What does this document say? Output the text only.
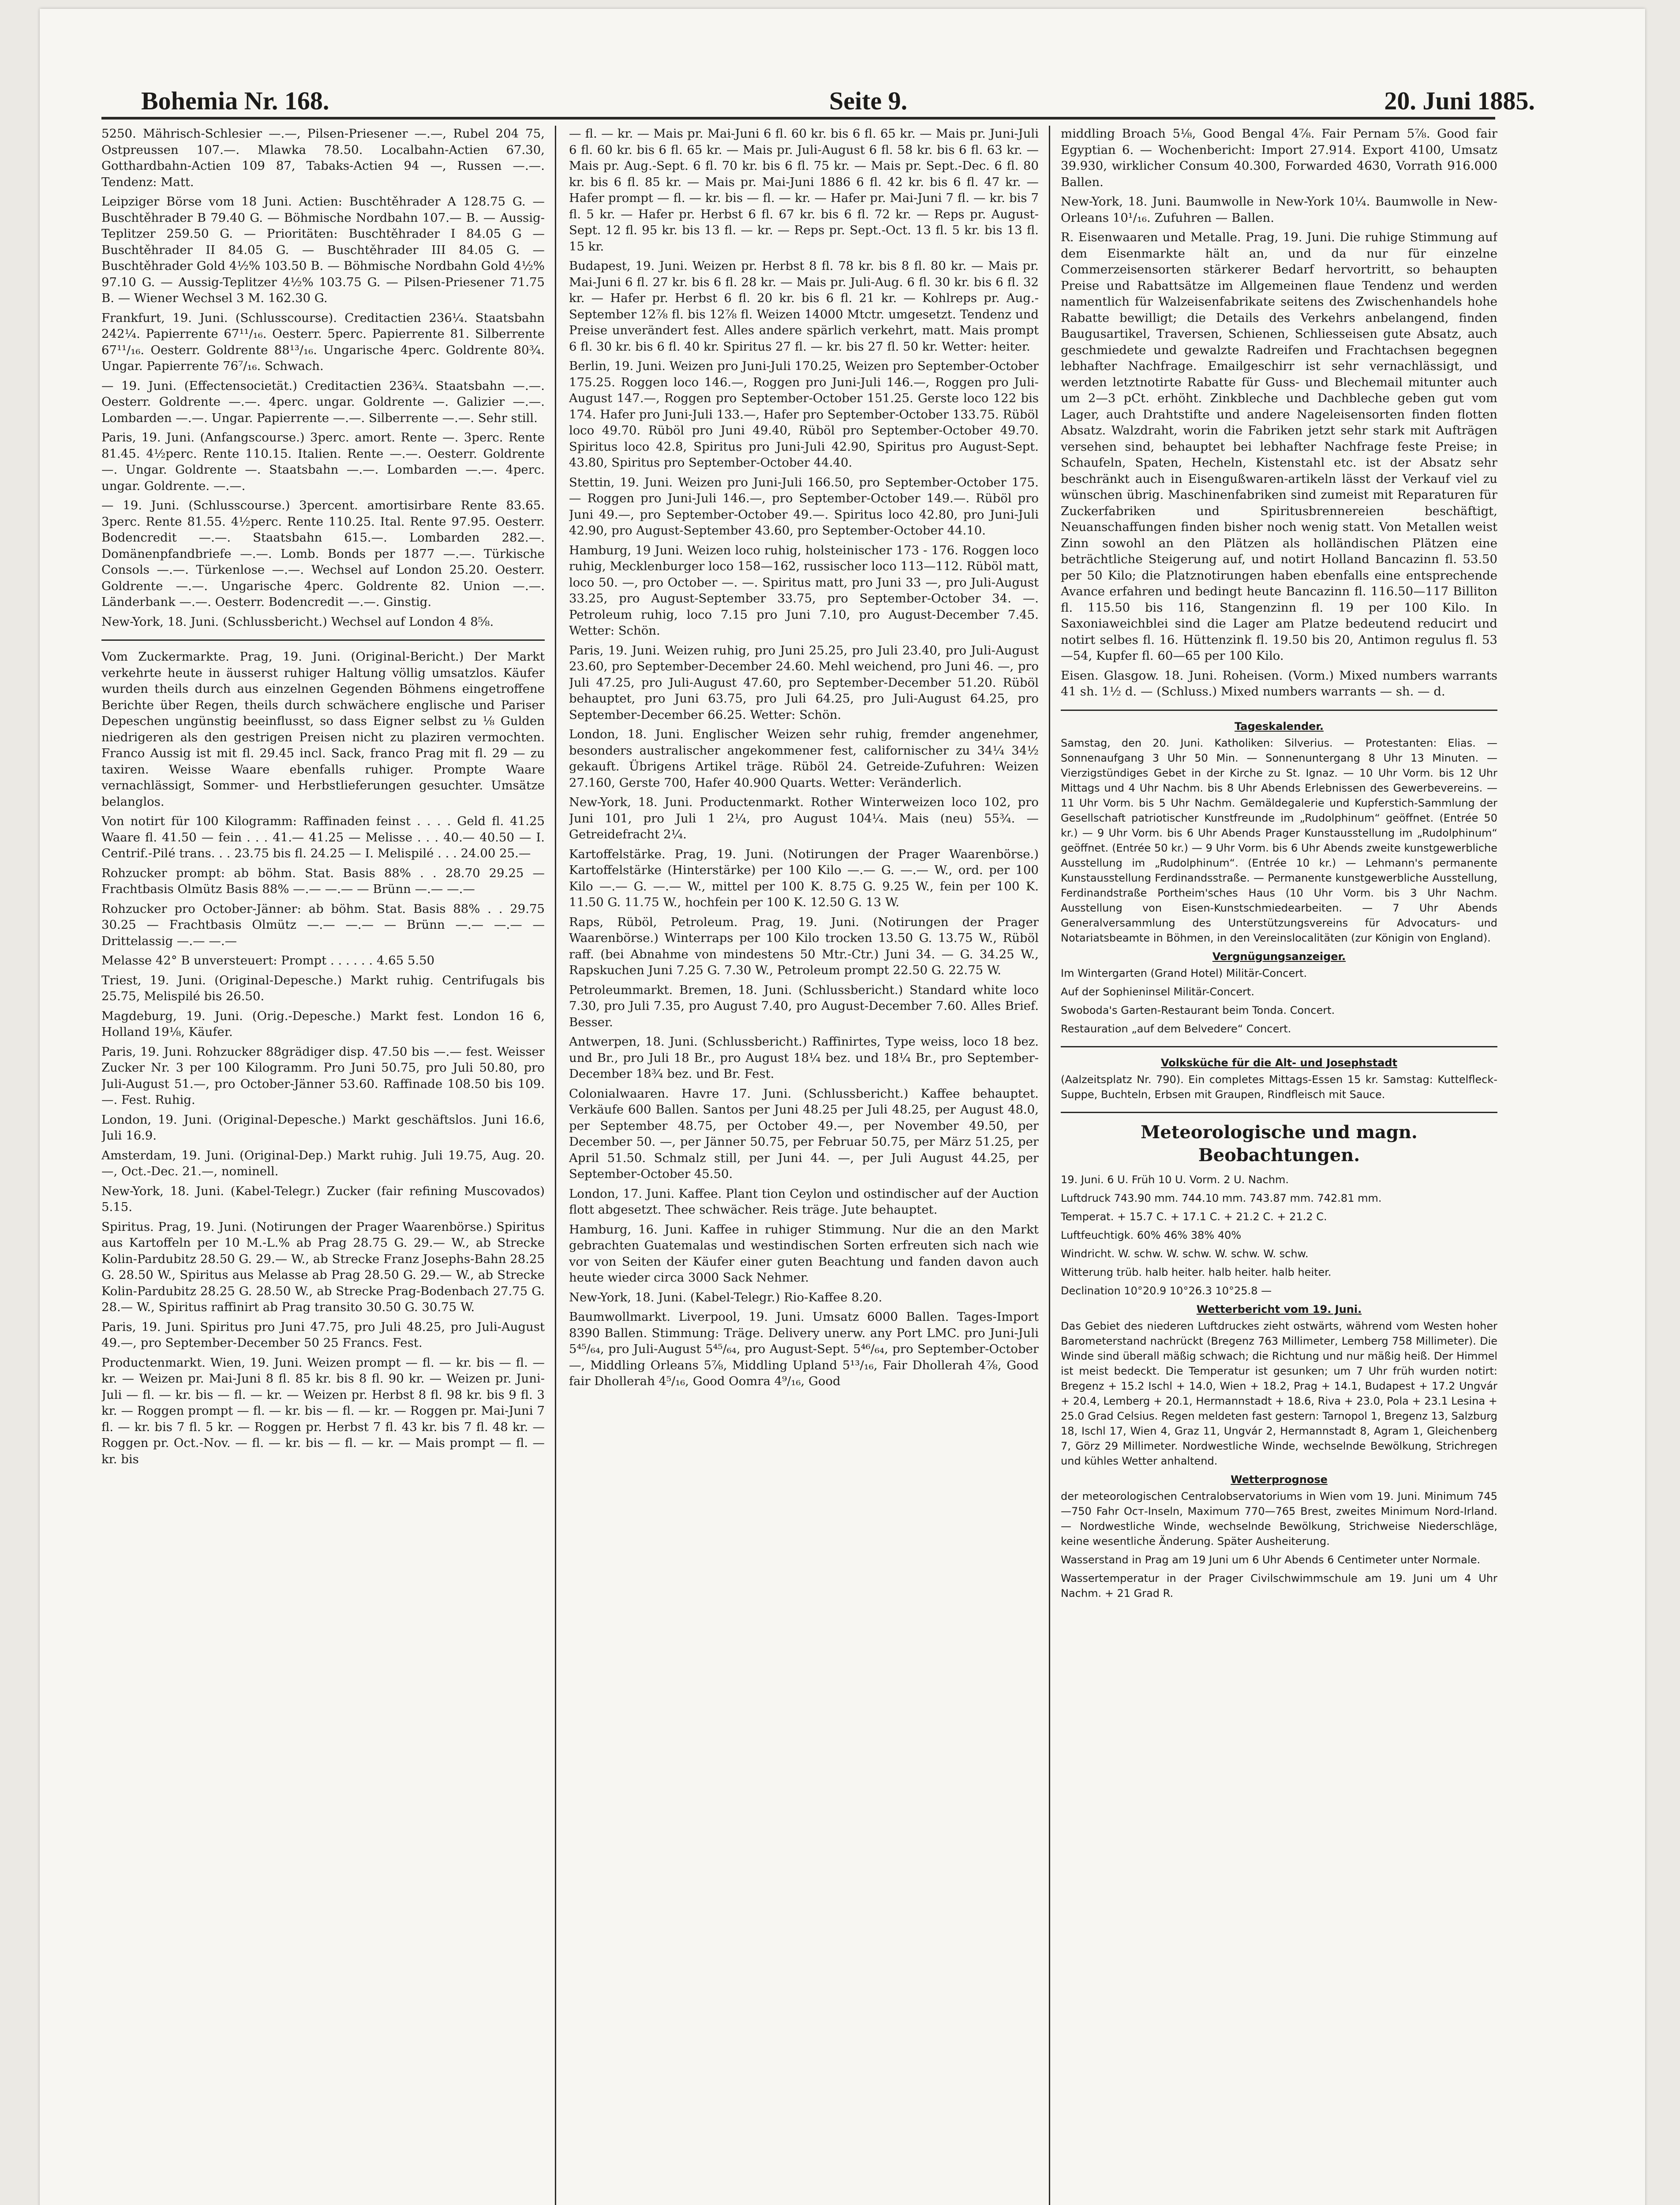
Bohemia Nr. 168.	Seite 9.	20. Juni 1885.

5250. Mährisch-Schlesier —.—, Pilsen-Priesener —.—, Rubel 204 75, Ostpreussen 107.—. Mlawka 78.50. Localbahn-Actien 67.30, Gotthardbahn-Actien 109 87, Tabaks-Actien 94 —, Russen —.—. Tendenz: Matt.

Leipziger Börse vom 18 Juni. Actien: Buschtěhrader A 128.75 G. — Buschtěhrader B 79.40 G. — Böhmische Nordbahn 107.— B. — Aussig-Teplitzer 259.50 G. — Prioritäten: Buschtěhrader I 84.05 G — Buschtěhrader II 84.05 G. — Buschtěhrader III 84.05 G. — Buschtěhrader Gold 4½% 103.50 B. — Böhmische Nordbahn Gold 4½% 97.10 G. — Aussig-Teplitzer 4½% 103.75 G. — Pilsen-Priesener 71.75 B. — Wiener Wechsel 3 M. 162.30 G.

Frankfurt, 19. Juni. (Schlusscourse). Creditactien 236¼. Staatsbahn 242¼. Papierrente 67¹¹/₁₆. Oesterr. 5perc. Papierrente 81. Silberrente 67¹¹/₁₆. Oesterr. Goldrente 88¹³/₁₆. Ungarische 4perc. Goldrente 80¾. Ungar. Papierrente 76⁷/₁₆. Schwach.

— 19. Juni. (Effectensocietät.) Creditactien 236¾. Staatsbahn —.—. Oesterr. Goldrente —.—. 4perc. ungar. Goldrente —. Galizier —.—. Lombarden —.—. Ungar. Papierrente —.—. Silberrente —.—. Sehr still.

Paris, 19. Juni. (Anfangscourse.) 3perc. amort. Rente —. 3perc. Rente 81.45. 4½perc. Rente 110.15. Italien. Rente —.—. Oesterr. Goldrente —. Ungar. Goldrente —. Staatsbahn —.—. Lombarden —.—. 4perc. ungar. Goldrente. —.—.

— 19. Juni. (Schlusscourse.) 3percent. amortisirbare Rente 83.65. 3perc. Rente 81.55. 4½perc. Rente 110.25. Ital. Rente 97.95. Oesterr. Bodencredit —.—. Staatsbahn 615.—. Lombarden 282.—. Domänenpfandbriefe —.—. Lomb. Bonds per 1877 —.—. Türkische Consols —.—. Türkenlose —.—. Wechsel auf London 25.20. Oesterr. Goldrente —.—. Ungarische 4perc. Goldrente 82. Union —.—. Länderbank —.—. Oesterr. Bodencredit —.—. Ginstig.

New-York, 18. Juni. (Schlussbericht.) Wechsel auf London 4 8⅝.

Vom Zuckermarkte. Prag, 19. Juni. (Original-Bericht.) Der Markt verkehrte heute in äusserst ruhiger Haltung völlig umsatzlos. Käufer wurden theils durch aus einzelnen Gegenden Böhmens eingetroffene Berichte über Regen, theils durch schwächere englische und Pariser Depeschen ungünstig beeinflusst, so dass Eigner selbst zu ⅛ Gulden niedrigeren als den gestrigen Preisen nicht zu plaziren vermochten. Franco Aussig ist mit fl. 29.45 incl. Sack, franco Prag mit fl. 29 — zu taxiren. Weisse Waare ebenfalls ruhiger. Prompte Waare vernachlässigt, Sommer- und Herbstlieferungen gesuchter. Umsätze belanglos.

Von notirt für 100 Kilogramm: Raffinaden feinst . . . . Geld fl. 41.25 Waare fl. 41.50 — fein . . . 41.— 41.25 — Melisse . . . 40.— 40.50 — I. Centrif.-Pilé trans. . . 23.75 bis fl. 24.25 — I. Melispilé . . . 24.00 25.—

Rohzucker prompt: ab böhm. Stat. Basis 88% . . 28.70 29.25 — Frachtbasis Olmütz Basis 88% —.— —.— — Brünn —.— —.—

Rohzucker pro October-Jänner: ab böhm. Stat. Basis 88% . . 29.75 30.25 — Frachtbasis Olmütz —.— —.— — Brünn —.— —.— — Drittelassig —.— —.—

Melasse 42° B unversteuert: Prompt . . . . . . 4.65 5.50

Triest, 19. Juni. (Original-Depesche.) Markt ruhig. Centrifugals bis 25.75, Melispilé bis 26.50.

Magdeburg, 19. Juni. (Orig.-Depesche.) Markt fest. London 16 6, Holland 19⅛, Käufer.

Paris, 19. Juni. Rohzucker 88grädiger disp. 47.50 bis —.— fest. Weisser Zucker Nr. 3 per 100 Kilogramm. Pro Juni 50.75, pro Juli 50.80, pro Juli-August 51.—, pro October-Jänner 53.60. Raffinade 108.50 bis 109.—. Fest. Ruhig.

London, 19. Juni. (Original-Depesche.) Markt geschäftslos. Juni 16.6, Juli 16.9.

Amsterdam, 19. Juni. (Original-Dep.) Markt ruhig. Juli 19.75, Aug. 20.—, Oct.-Dec. 21.—, nominell.

New-York, 18. Juni. (Kabel-Telegr.) Zucker (fair refining Muscovados) 5.15.

Spiritus. Prag, 19. Juni. (Notirungen der Prager Waarenbörse.) Spiritus aus Kartoffeln per 10 M.-L.% ab Prag 28.75 G. 29.— W., ab Strecke Kolin-Pardubitz 28.50 G. 29.— W., ab Strecke Franz Josephs-Bahn 28.25 G. 28.50 W., Spiritus aus Melasse ab Prag 28.50 G. 29.— W., ab Strecke Kolin-Pardubitz 28.25 G. 28.50 W., ab Strecke Prag-Bodenbach 27.75 G. 28.— W., Spiritus raffinirt ab Prag transito 30.50 G. 30.75 W.

Paris, 19. Juni. Spiritus pro Juni 47.75, pro Juli 48.25, pro Juli-August 49.—, pro September-December 50 25 Francs. Fest.

Productenmarkt. Wien, 19. Juni. Weizen prompt — fl. — kr. bis — fl. — kr. — Weizen pr. Mai-Juni 8 fl. 85 kr. bis 8 fl. 90 kr. — Weizen pr. Juni-Juli — fl. — kr. bis — fl. — kr. — Weizen pr. Herbst 8 fl. 98 kr. bis 9 fl. 3 kr. — Roggen prompt — fl. — kr. bis — fl. — kr. — Roggen pr. Mai-Juni 7 fl. — kr. bis 7 fl. 5 kr. — Roggen pr. Herbst 7 fl. 43 kr. bis 7 fl. 48 kr. — Roggen pr. Oct.-Nov. — fl. — kr. bis — fl. — kr. — Mais prompt — fl. — kr. bis

— fl. — kr. — Mais pr. Mai-Juni 6 fl. 60 kr. bis 6 fl. 65 kr. — Mais pr. Juni-Juli 6 fl. 60 kr. bis 6 fl. 65 kr. — Mais pr. Juli-August 6 fl. 58 kr. bis 6 fl. 63 kr. — Mais pr. Aug.-Sept. 6 fl. 70 kr. bis 6 fl. 75 kr. — Mais pr. Sept.-Dec. 6 fl. 80 kr. bis 6 fl. 85 kr. — Mais pr. Mai-Juni 1886 6 fl. 42 kr. bis 6 fl. 47 kr. — Hafer prompt — fl. — kr. bis — fl. — kr. — Hafer pr. Mai-Juni 7 fl. — kr. bis 7 fl. 5 kr. — Hafer pr. Herbst 6 fl. 67 kr. bis 6 fl. 72 kr. — Reps pr. August-Sept. 12 fl. 95 kr. bis 13 fl. — kr. — Reps pr. Sept.-Oct. 13 fl. 5 kr. bis 13 fl. 15 kr.

Budapest, 19. Juni. Weizen pr. Herbst 8 fl. 78 kr. bis 8 fl. 80 kr. — Mais pr. Mai-Juni 6 fl. 27 kr. bis 6 fl. 28 kr. — Mais pr. Juli-Aug. 6 fl. 30 kr. bis 6 fl. 32 kr. — Hafer pr. Herbst 6 fl. 20 kr. bis 6 fl. 21 kr. — Kohlreps pr. Aug.-September 12⅞ fl. bis 12⅞ fl. Weizen 14000 Mtctr. umgesetzt. Tendenz und Preise unverändert fest. Alles andere spärlich verkehrt, matt. Mais prompt 6 fl. 30 kr. bis 6 fl. 40 kr. Spiritus 27 fl. — kr. bis 27 fl. 50 kr. Wetter: heiter.

Berlin, 19. Juni. Weizen pro Juni-Juli 170.25, Weizen pro September-October 175.25. Roggen loco 146.—, Roggen pro Juni-Juli 146.—, Roggen pro Juli-August 147.—, Roggen pro September-October 151.25. Gerste loco 122 bis 174. Hafer pro Juni-Juli 133.—, Hafer pro September-October 133.75. Rüböl loco 49.70. Rüböl pro Juni 49.40, Rüböl pro September-October 49.70. Spiritus loco 42.8, Spiritus pro Juni-Juli 42.90, Spiritus pro August-Sept. 43.80, Spiritus pro September-October 44.40.

Stettin, 19. Juni. Weizen pro Juni-Juli 166.50, pro September-October 175. — Roggen pro Juni-Juli 146.—, pro September-October 149.—. Rüböl pro Juni 49.—, pro September-October 49.—. Spiritus loco 42.80, pro Juni-Juli 42.90, pro August-September 43.60, pro September-October 44.10.

Hamburg, 19 Juni. Weizen loco ruhig, holsteinischer 173 - 176. Roggen loco ruhig, Mecklenburger loco 158—162, russischer loco 113—112. Rüböl matt, loco 50. —, pro October —. —. Spiritus matt, pro Juni 33 —, pro Juli-August 33.25, pro August-September 33.75, pro September-October 34. —. Petroleum ruhig, loco 7.15 pro Juni 7.10, pro August-December 7.45. Wetter: Schön.

Paris, 19. Juni. Weizen ruhig, pro Juni 25.25, pro Juli 23.40, pro Juli-August 23.60, pro September-December 24.60. Mehl weichend, pro Juni 46. —, pro Juli 47.25, pro Juli-August 47.60, pro September-December 51.20. Rüböl behauptet, pro Juni 63.75, pro Juli 64.25, pro Juli-August 64.25, pro September-December 66.25. Wetter: Schön.

London, 18. Juni. Englischer Weizen sehr ruhig, fremder angenehmer, besonders australischer angekommener fest, californischer zu 34¼ 34½ gekauft. Übrigens Artikel träge. Rüböl 24. Getreide-Zufuhren: Weizen 27.160, Gerste 700, Hafer 40.900 Quarts. Wetter: Veränderlich.

New-York, 18. Juni. Productenmarkt. Rother Winterweizen loco 102, pro Juni 101, pro Juli 1 2¼, pro August 104¼. Mais (neu) 55¾. — Getreidefracht 2¼.

Kartoffelstärke. Prag, 19. Juni. (Notirungen der Prager Waarenbörse.) Kartoffelstärke (Hinterstärke) per 100 Kilo —.— G. —.— W., ord. per 100 Kilo —.— G. —.— W., mittel per 100 K. 8.75 G. 9.25 W., fein per 100 K. 11.50 G. 11.75 W., hochfein per 100 K. 12.50 G. 13 W.

Raps, Rüböl, Petroleum. Prag, 19. Juni. (Notirungen der Prager Waarenbörse.) Winterraps per 100 Kilo trocken 13.50 G. 13.75 W., Rüböl raff. (bei Abnahme von mindestens 50 Mtr.-Ctr.) Juni 34. — G. 34.25 W., Rapskuchen Juni 7.25 G. 7.30 W., Petroleum prompt 22.50 G. 22.75 W.

Petroleummarkt. Bremen, 18. Juni. (Schlussbericht.) Standard white loco 7.30, pro Juli 7.35, pro August 7.40, pro August-December 7.60. Alles Brief. Besser.

Antwerpen, 18. Juni. (Schlussbericht.) Raffinirtes, Type weiss, loco 18 bez. und Br., pro Juli 18 Br., pro August 18¼ bez. und 18¼ Br., pro September-December 18¾ bez. und Br. Fest.

Colonialwaaren. Havre 17. Juni. (Schlussbericht.) Kaffee behauptet. Verkäufe 600 Ballen. Santos per Juni 48.25 per Juli 48.25, per August 48.0, per September 48.75, per October 49.—, per November 49.50, per December 50. —, per Jänner 50.75, per Februar 50.75, per März 51.25, per April 51.50. Schmalz still, per Juni 44. —, per Juli August 44.25, per September-October 45.50.

London, 17. Juni. Kaffee. Plant tion Ceylon und ostindischer auf der Auction flott abgesetzt. Thee schwächer. Reis träge. Jute behauptet.

Hamburg, 16. Juni. Kaffee in ruhiger Stimmung. Nur die an den Markt gebrachten Guatemalas und westindischen Sorten erfreuten sich nach wie vor von Seiten der Käufer einer guten Beachtung und fanden davon auch heute wieder circa 3000 Sack Nehmer.

New-York, 18. Juni. (Kabel-Telegr.) Rio-Kaffee 8.20.

Baumwollmarkt. Liverpool, 19. Juni. Umsatz 6000 Ballen. Tages-Import 8390 Ballen. Stimmung: Träge. Delivery unerw. any Port LMC. pro Juni-Juli 5⁴⁵/₆₄, pro Juli-August 5⁴⁵/₆₄, pro August-Sept. 5⁴⁶/₆₄, pro September-October —, Middling Orleans 5⅞, Middling Upland 5¹³/₁₆, Fair Dhollerah 4⅞, Good fair Dhollerah 4⁵/₁₆, Good Oomra 4⁹/₁₆, Good

middling Broach 5⅛, Good Bengal 4⅞. Fair Pernam 5⅞. Good fair Egyptian 6. — Wochenbericht: Import 27.914. Export 4100, Umsatz 39.930, wirklicher Consum 40.300, Forwarded 4630, Vorrath 916.000 Ballen.

New-York, 18. Juni. Baumwolle in New-York 10¼. Baumwolle in New-Orleans 10¹/₁₆. Zufuhren — Ballen.

R. Eisenwaaren und Metalle. Prag, 19. Juni. Die ruhige Stimmung auf dem Eisenmarkte hält an, und da nur für einzelne Commerzeisensorten stärkerer Bedarf hervortritt, so behaupten Preise und Rabattsätze im Allgemeinen flaue Tendenz und werden namentlich für Walzeisenfabrikate seitens des Zwischenhandels hohe Rabatte bewilligt; die Details des Verkehrs anbelangend, finden Baugusartikel, Traversen, Schienen, Schliesseisen gute Absatz, auch geschmiedete und gewalzte Radreifen und Frachtachsen begegnen lebhafter Nachfrage. Emailgeschirr ist sehr vernachlässigt, und werden letztnotirte Rabatte für Guss- und Blechemail mitunter auch um 2—3 pCt. erhöht. Zinkbleche und Dachbleche geben gut vom Lager, auch Drahtstifte und andere Nageleisensorten finden flotten Absatz. Walzdraht, worin die Fabriken jetzt sehr stark mit Aufträgen versehen sind, behauptet bei lebhafter Nachfrage feste Preise; in Schaufeln, Spaten, Hecheln, Kistenstahl etc. ist der Absatz sehr beschränkt auch in Eisengußwaren-artikeln lässt der Verkauf viel zu wünschen übrig. Maschinenfabriken sind zumeist mit Reparaturen für Zuckerfabriken und Spiritusbrennereien beschäftigt, Neuanschaffungen finden bisher noch wenig statt. Von Metallen weist Zinn sowohl an den Plätzen als holländischen Plätzen eine beträchtliche Steigerung auf, und notirt Holland Bancazinn fl. 53.50 per 50 Kilo; die Platznotirungen haben ebenfalls eine entsprechende Avance erfahren und bedingt heute Bancazinn fl. 116.50—117 Billiton fl. 115.50 bis 116, Stangenzinn fl. 19 per 100 Kilo. In Saxoniaweichblei sind die Lager am Platze bedeutend reducirt und notirt selbes fl. 16. Hüttenzink fl. 19.50 bis 20, Antimon regulus fl. 53—54, Kupfer fl. 60—65 per 100 Kilo.

Eisen. Glasgow. 18. Juni. Roheisen. (Vorm.) Mixed numbers warrants 41 sh. 1½ d. — (Schluss.) Mixed numbers warrants — sh. — d.

Tageskalender.

Samstag, den 20. Juni. Katholiken: Silverius. — Protestanten: Elias. — Sonnenaufgang 3 Uhr 50 Min. — Sonnenuntergang 8 Uhr 13 Minuten. — Vierzigstündiges Gebet in der Kirche zu St. Ignaz. — 10 Uhr Vorm. bis 12 Uhr Mittags und 4 Uhr Nachm. bis 8 Uhr Abends Erlebnissen des Gewerbevereins. — 11 Uhr Vorm. bis 5 Uhr Nachm. Gemäldegalerie und Kupferstich-Sammlung der Gesellschaft patriotischer Kunstfreunde im „Rudolphinum“ geöffnet. (Entrée 50 kr.) — 9 Uhr Vorm. bis 6 Uhr Abends Prager Kunstausstellung im „Rudolphinum“ geöffnet. (Entrée 50 kr.) — 9 Uhr Vorm. bis 6 Uhr Abends zweite kunstgewerbliche Ausstellung im „Rudolphinum“. (Entrée 10 kr.) — Lehmann's permanente Kunstausstellung Ferdinandsstraße. — Permanente kunstgewerbliche Ausstellung, Ferdinandstraße Portheim'sches Haus (10 Uhr Vorm. bis 3 Uhr Nachm. Ausstellung von Eisen-Kunstschmiedearbeiten. — 7 Uhr Abends Generalversammlung des Unterstützungsvereins für Advocaturs- und Notariatsbeamte in Böhmen, in den Vereinslocalitäten (zur Königin von England).

Vergnügungsanzeiger.

Im Wintergarten (Grand Hotel) Militär-Concert.

Auf der Sophieninsel Militär-Concert.

Swoboda's Garten-Restaurant beim Tonda. Concert.

Restauration „auf dem Belvedere“ Concert.

Volksküche für die Alt- und Josephstadt

(Aalzeitsplatz Nr. 790). Ein completes Mittags-Essen 15 kr. Samstag: Kuttelfleck-Suppe, Buchteln, Erbsen mit Graupen, Rindfleisch mit Sauce.

Meteorologische und magn. Beobachtungen.

19. Juni. 6 U. Früh 10 U. Vorm. 2 U. Nachm.

Luftdruck 743.90 mm. 744.10 mm. 743.87 mm. 742.81 mm.

Temperat. + 15.7 C. + 17.1 C. + 21.2 C. + 21.2 C.

Luftfeuchtigk. 60% 46% 38% 40%

Windricht. W. schw. W. schw. W. schw. W. schw.

Witterung trüb. halb heiter. halb heiter. halb heiter.

Declination 10°20.9 10°26.3 10°25.8 —

Wetterbericht vom 19. Juni.

Das Gebiet des niederen Luftdruckes zieht ostwärts, während vom Westen hoher Barometerstand nachrückt (Bregenz 763 Millimeter, Lemberg 758 Millimeter). Die Winde sind überall mäßig schwach; die Richtung und nur mäßig heiß. Der Himmel ist meist bedeckt. Die Temperatur ist gesunken; um 7 Uhr früh wurden notirt: Bregenz + 15.2 Ischl + 14.0, Wien + 18.2, Prag + 14.1, Budapest + 17.2 Ungvár + 20.4, Lemberg + 20.1, Hermannstadt + 18.6, Riva + 23.0, Pola + 23.1 Lesina + 25.0 Grad Celsius. Regen meldeten fast gestern: Tarnopol 1, Bregenz 13, Salzburg 18, Ischl 17, Wien 4, Graz 11, Ungvár 2, Hermannstadt 8, Agram 1, Gleichenberg 7, Görz 29 Millimeter. Nordwestliche Winde, wechselnde Bewölkung, Strichregen und kühles Wetter anhaltend.

Wetterprognose

der meteorologischen Centralobservatoriums in Wien vom 19. Juni. Minimum 745—750 Fahr Ост-Inseln, Maximum 770—765 Brest, zweites Minimum Nord-Irland. — Nordwestliche Winde, wechselnde Bewölkung, Strichweise Niederschläge, keine wesentliche Änderung. Später Ausheiterung.

Wasserstand in Prag am 19 Juni um 6 Uhr Abends 6 Centimeter unter Normale.

Wassertemperatur in der Prager Civilschwimmschule am 19. Juni um 4 Uhr Nachm. + 21 Grad R.
